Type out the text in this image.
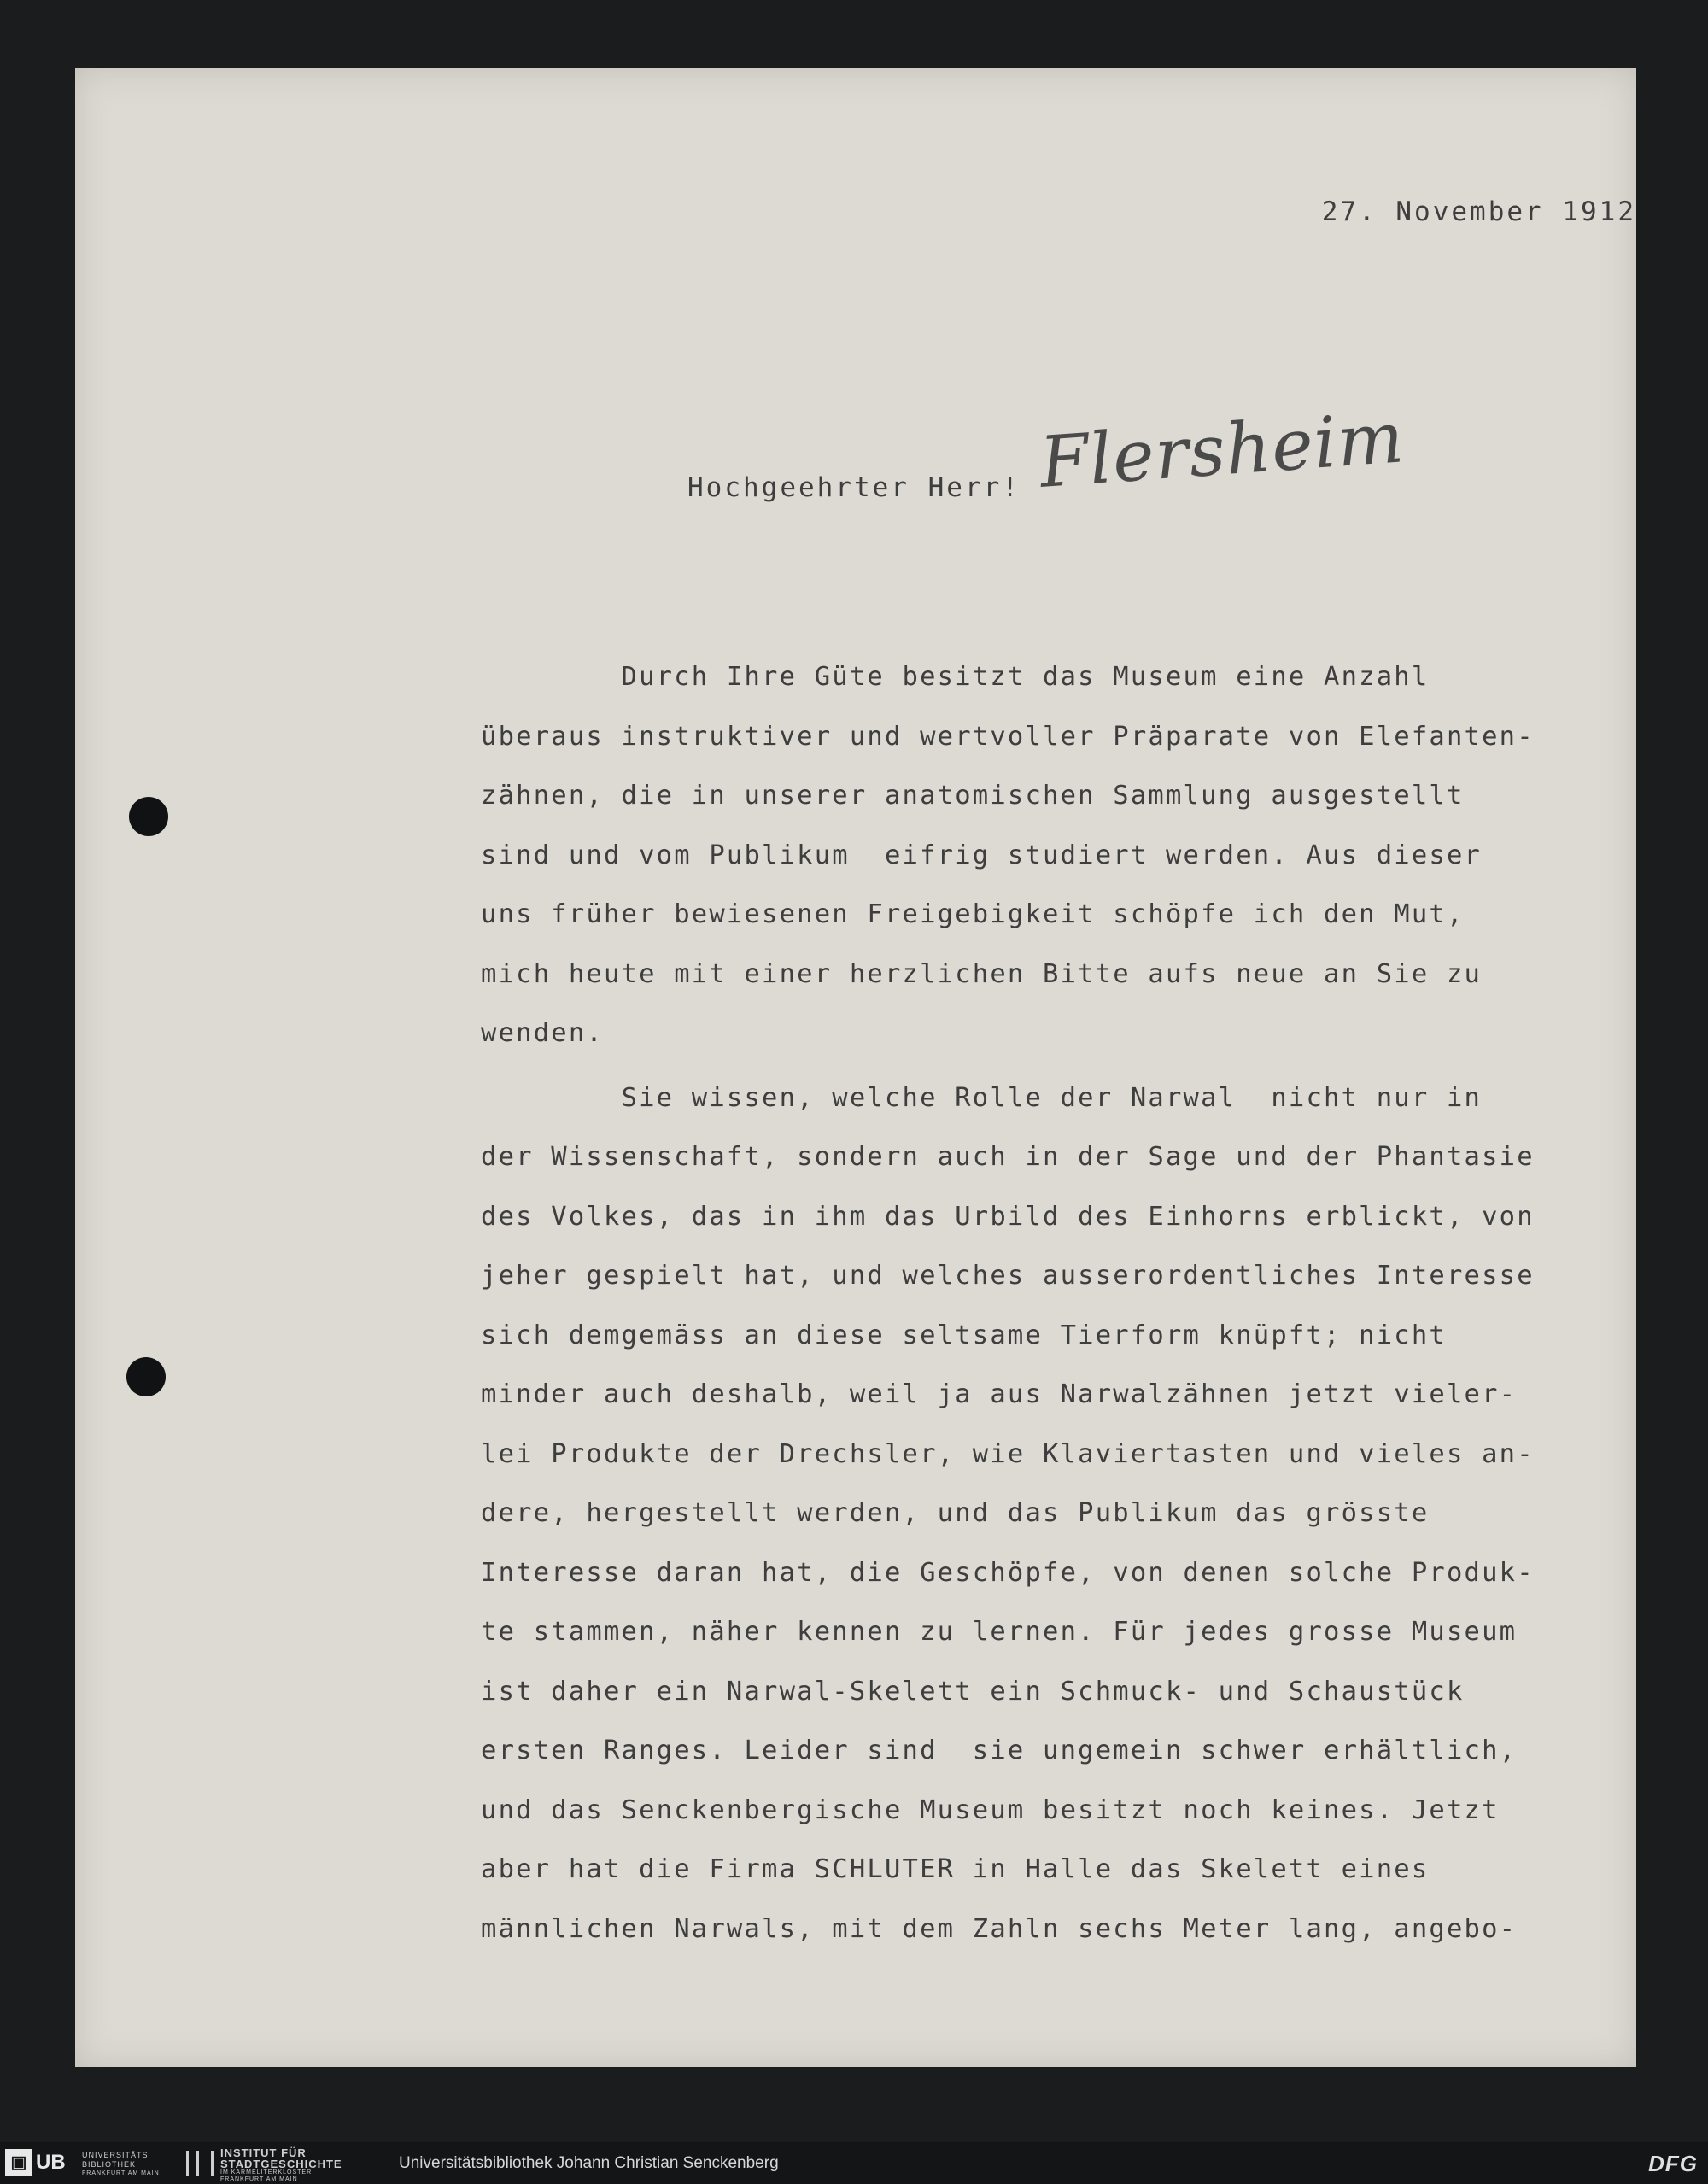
27. November 1912
Hochgeehrter Herr! Flersheim
Durch Ihre Güte besitzt das Museum eine Anzahl
überaus instruktiver und wertvoller Präparate von Elefanten-
zähnen, die in unserer anatomischen Sammlung ausgestellt
sind und vom Publikum  eifrig studiert werden. Aus dieser
uns früher bewiesenen Freigebigkeit schöpfe ich den Mut,
mich heute mit einer herzlichen Bitte aufs neue an Sie zu
wenden.
Sie wissen, welche Rolle der Narwal  nicht nur in
der Wissenschaft, sondern auch in der Sage und der Phantasie
des Volkes, das in ihm das Urbild des Einhorns erblickt, von
jeher gespielt hat, und welches ausserordentliches Interesse
sich demgemäss an diese seltsame Tierform knüpft; nicht
minder auch deshalb, weil ja aus Narwalzähnen jetzt vieler-
lei Produkte der Drechsler, wie Klaviertasten und vieles an-
dere, hergestellt werden, und das Publikum das grösste
Interesse daran hat, die Geschöpfe, von denen solche Produk-
te stammen, näher kennen zu lernen. Für jedes grosse Museum
ist daher ein Narwal-Skelett ein Schmuck- und Schaustück
ersten Ranges. Leider sind  sie ungemein schwer erhältlich,
und das Senckenbergische Museum besitzt noch keines. Jetzt
aber hat die Firma SCHLUTER in Halle das Skelett eines
männlichen Narwals, mit dem Zahln sechs Meter lang, angebo-
▣ UB UNIVERSITÄTS
BIBLIOTHEK
FRANKFURT AM MAIN
INSTITUT FÜR
STADTGESCHICHTE
IM KARMELITERKLOSTER
FRANKFURT AM MAIN
Universitätsbibliothek Johann Christian Senckenberg	DFG
